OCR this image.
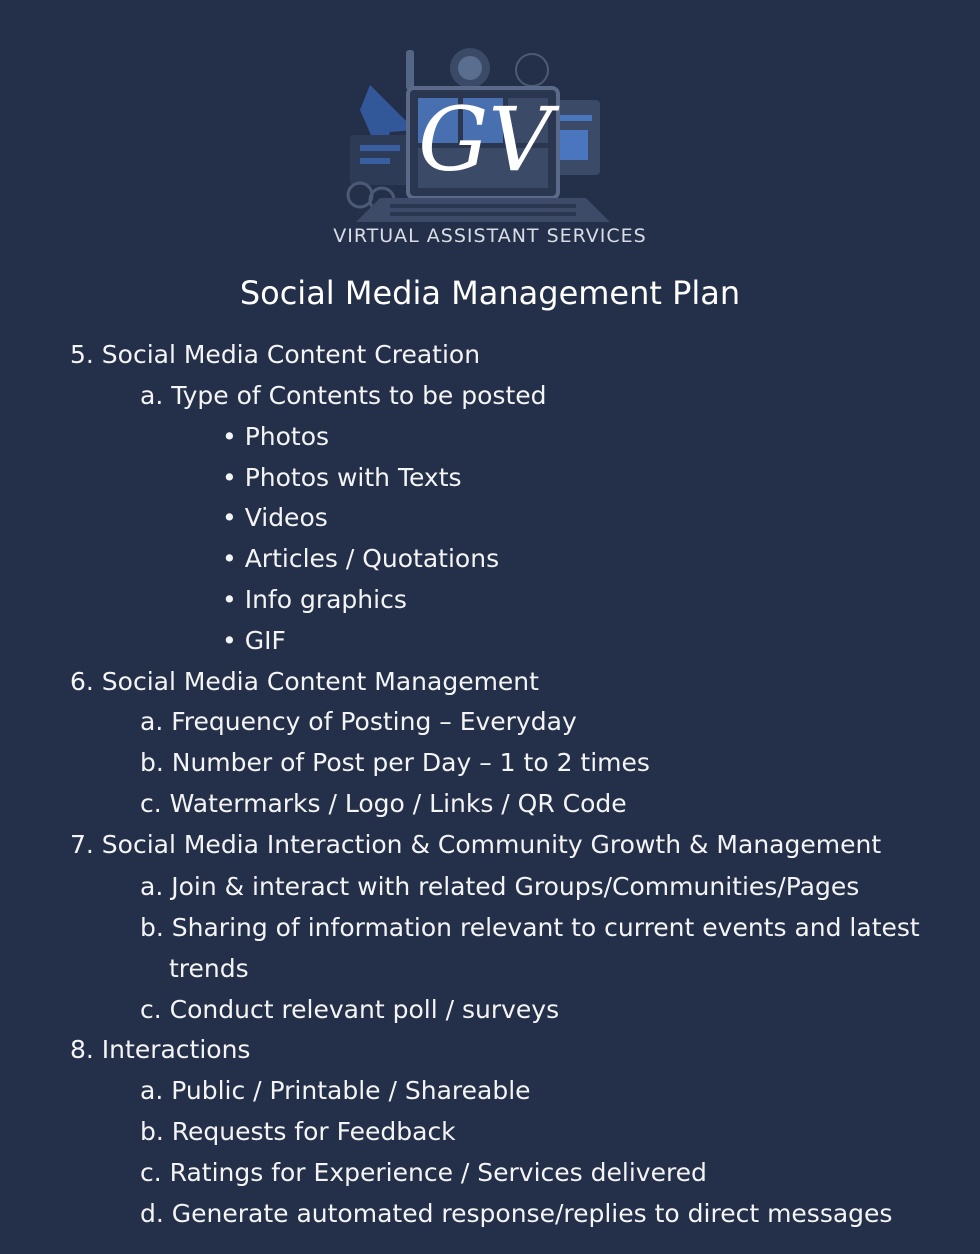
GV
VIRTUAL ASSISTANT SERVICES
Social Media Management Plan
5. Social Media Content Creation
a. Type of Contents to be posted
• Photos
• Photos with Texts
• Videos
• Articles / Quotations
• Info graphics
• GIF
6. Social Media Content Management
a. Frequency of Posting – Everyday
b. Number of Post per Day – 1 to 2 times
c. Watermarks / Logo / Links / QR Code
7. Social Media Interaction & Community Growth & Management
a. Join & interact with related Groups/Communities/Pages
b. Sharing of information relevant to current events and latest
trends
c. Conduct relevant poll / surveys
8. Interactions
a. Public / Printable / Shareable
b. Requests for Feedback
c. Ratings for Experience / Services delivered
d. Generate automated response/replies to direct messages
